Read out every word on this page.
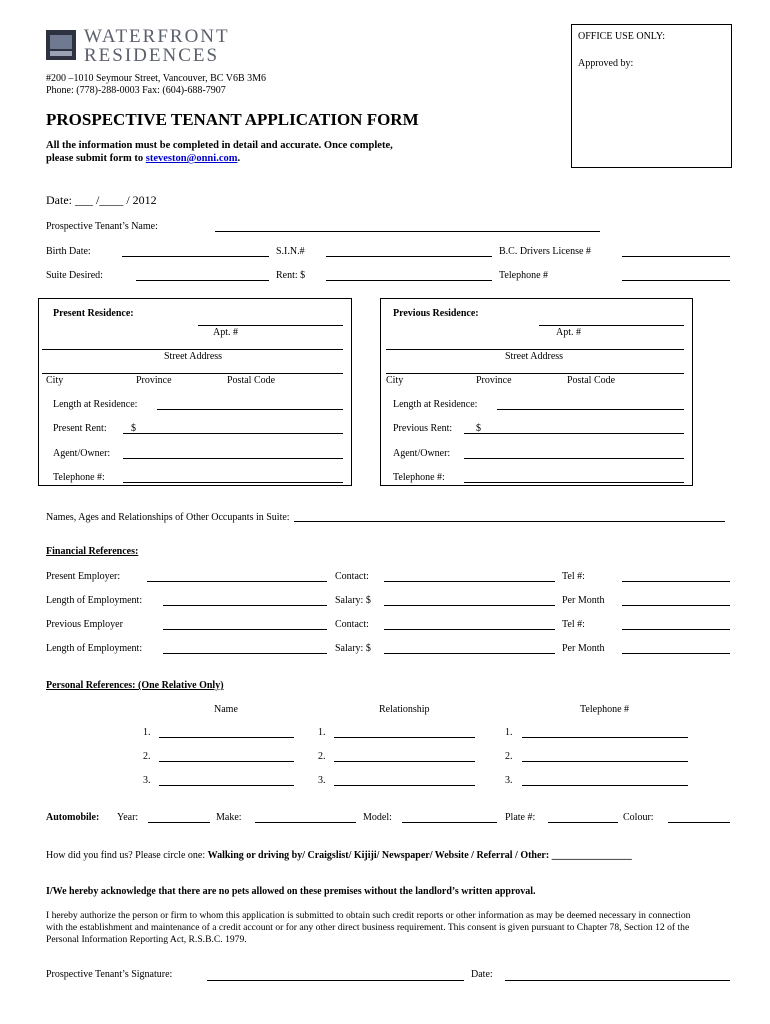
WATERFRONT
RESIDENCES
#200 –1010 Seymour Street, Vancouver, BC V6B 3M6
Phone: (778)-288-0003 Fax: (604)-688-7907
OFFICE USE ONLY:
Approved by:
PROSPECTIVE TENANT APPLICATION FORM
All the information must be completed in detail and accurate. Once complete,
please submit form to steveston@onni.com.
Date: ___ /____ / 2012
Prospective Tenant’s Name:
Birth Date:	S.I.N.#	B.C. Drivers License #
Suite Desired:	Rent: $	Telephone #
Present Residence:
Apt. #
Street Address
City	Province	Postal Code
Length at Residence:
Present Rent: $
Agent/Owner:
Telephone #:
Previous Residence:
Apt. #
Street Address
City	Province	Postal Code
Length at Residence:
Previous Rent: $
Agent/Owner:
Telephone #:
Names, Ages and Relationships of Other Occupants in Suite:
Financial References:
Present Employer:	Contact:	Tel #:
Length of Employment:	Salary: $	Per Month
Previous Employer	Contact:	Tel #:
Length of Employment:	Salary: $	Per Month
Personal References: (One Relative Only)
Name	Relationship	Telephone #
1.	1.	1.
2.	2.	2.
3.	3.	3.
Automobile: Year:	Make:	Model:	Plate #:	Colour:
How did you find us? Please circle one: Walking or driving by/ Craigslist/ Kijiji/ Newspaper/ Website / Referral / Other: ________________
I/We hereby acknowledge that there are no pets allowed on these premises without the landlord’s written approval.
I hereby authorize the person or firm to whom this application is submitted to obtain such credit reports or other information as may be deemed necessary in connection
with the establishment and maintenance of a credit account or for any other direct business requirement. This consent is given pursuant to Chapter 78, Section 12 of the
Personal Information Reporting Act, R.S.B.C. 1979.
Prospective Tenant’s Signature:	Date:
